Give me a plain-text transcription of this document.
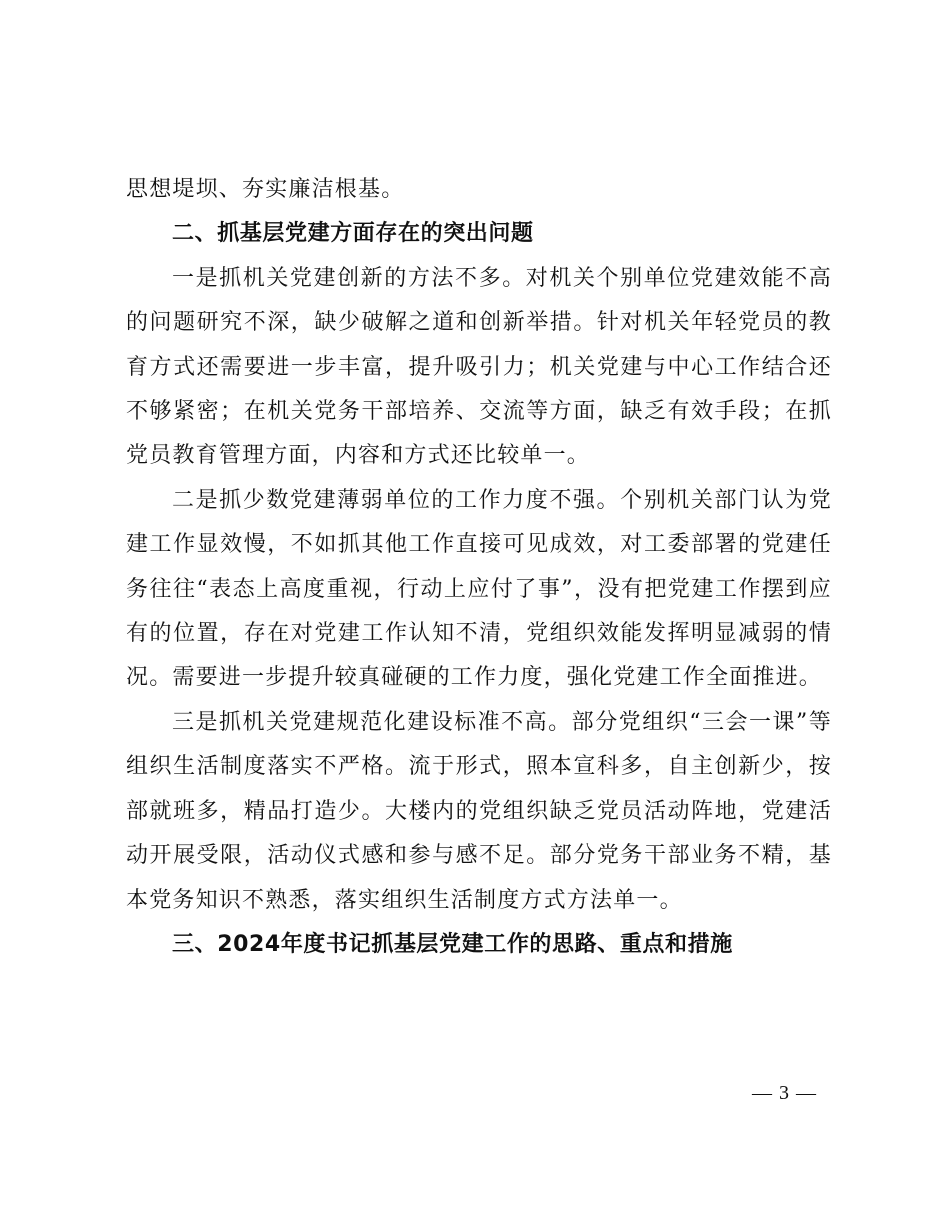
思想堤坝、夯实廉洁根基。

二、抓基层党建方面存在的突出问题

一是抓机关党建创新的方法不多。对机关个别单位党建效能不高的问题研究不深，缺少破解之道和创新举措。针对机关年轻党员的教育方式还需要进一步丰富，提升吸引力；机关党建与中心工作结合还不够紧密；在机关党务干部培养、交流等方面，缺乏有效手段；在抓党员教育管理方面，内容和方式还比较单一。

二是抓少数党建薄弱单位的工作力度不强。个别机关部门认为党建工作显效慢，不如抓其他工作直接可见成效，对工委部署的党建任务往往“表态上高度重视，行动上应付了事”，没有把党建工作摆到应有的位置，存在对党建工作认知不清，党组织效能发挥明显减弱的情况。需要进一步提升较真碰硬的工作力度，强化党建工作全面推进。

三是抓机关党建规范化建设标准不高。部分党组织“三会一课”等组织生活制度落实不严格。流于形式，照本宣科多，自主创新少，按部就班多，精品打造少。大楼内的党组织缺乏党员活动阵地，党建活动开展受限，活动仪式感和参与感不足。部分党务干部业务不精，基本党务知识不熟悉，落实组织生活制度方式方法单一。

三、2024年度书记抓基层党建工作的思路、重点和措施

— 3 —
